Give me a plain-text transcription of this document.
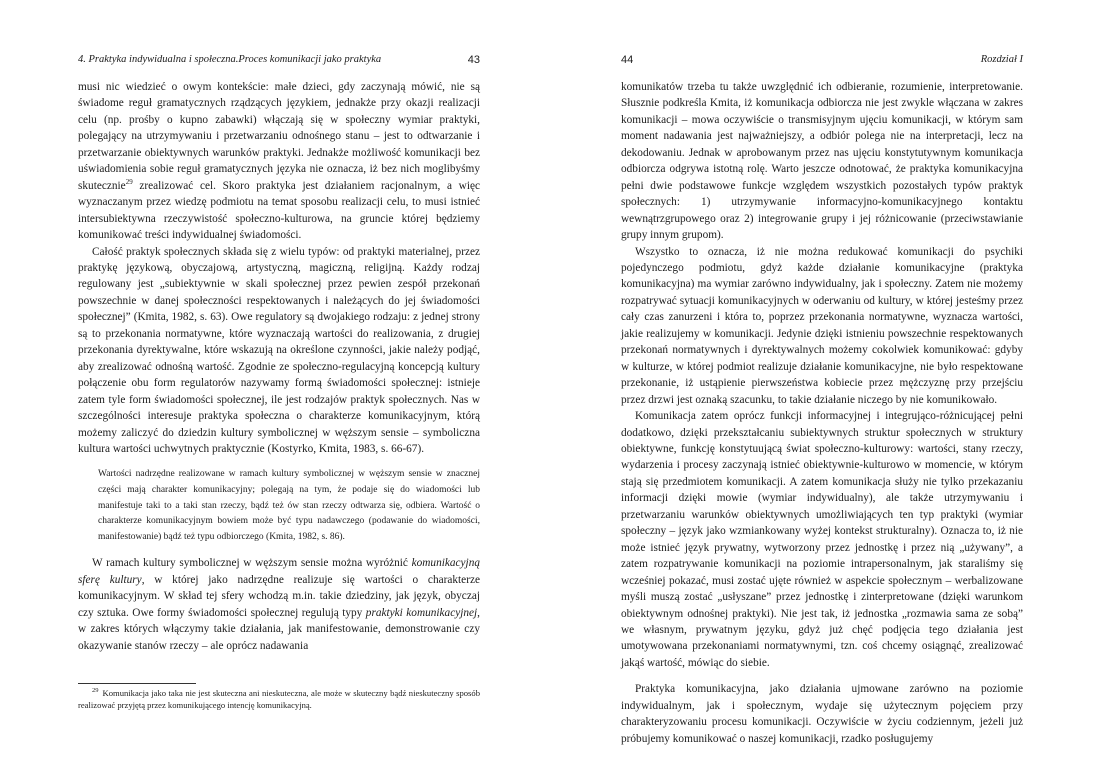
4. Praktyka indywidualna i społeczna.Proces komunikacji jako praktyka	43

musi nic wiedzieć o owym kontekście: małe dzieci, gdy zaczynają mówić, nie są świadome reguł gramatycznych rządzących językiem, jednakże przy okazji realizacji celu (np. prośby o kupno zabawki) włączają się w społeczny wymiar praktyki, polegający na utrzymywaniu i przetwarzaniu odnośnego stanu – jest to odtwarzanie i przetwarzanie obiektywnych warunków praktyki. Jednakże możliwość komunikacji bez uświadomienia sobie reguł gramatycznych języka nie oznacza, iż bez nich moglibyśmy skutecznie$^{29}$ zrealizować cel. Skoro praktyka jest działaniem racjonalnym, a więc wyznaczanym przez wiedzę podmiotu na temat sposobu realizacji celu, to musi istnieć intersubiektywna rzeczywistość społeczno-kulturowa, na gruncie której będziemy komunikować treści indywidualnej świadomości.

Całość praktyk społecznych składa się z wielu typów: od praktyki materialnej, przez praktykę językową, obyczajową, artystyczną, magiczną, religijną. Każdy rodzaj regulowany jest „subiektywnie w skali społecznej przez pewien zespół przekonań powszechnie w danej społeczności respektowanych i należących do jej świadomości społecznej” (Kmita, 1982, s. 63). Owe regulatory są dwojakiego rodzaju: z jednej strony są to przekonania normatywne, które wyznaczają wartości do realizowania, z drugiej przekonania dyrektywalne, które wskazują na określone czynności, jakie należy podjąć, aby zrealizować odnośną wartość. Zgodnie ze społeczno-regulacyjną koncepcją kultury połączenie obu form regulatorów nazywamy formą świadomości społecznej: istnieje zatem tyle form świadomości społecznej, ile jest rodzajów praktyk społecznych. Nas w szczególności interesuje praktyka społeczna o charakterze komunikacyjnym, którą możemy zaliczyć do dziedzin kultury symbolicznej w węższym sensie – symboliczna kultura wartości uchwytnych praktycznie (Kostyrko, Kmita, 1983, s. 66-67).

Wartości nadrzędne realizowane w ramach kultury symbolicznej w węższym sensie w znacznej części mają charakter komunikacyjny; polegają na tym, że podaje się do wiadomości lub manifestuje taki to a taki stan rzeczy, bądź też ów stan rzeczy odtwarza się, odbiera. Wartość o charakterze komunikacyjnym bowiem może być typu nadawczego (podawanie do wiadomości, manifestowanie) bądź też typu odbiorczego (Kmita, 1982, s. 86).

W ramach kultury symbolicznej w węższym sensie można wyróżnić komunikacyjną sferę kultury, w której jako nadrzędne realizuje się wartości o charakterze komunikacyjnym. W skład tej sfery wchodzą m.in. takie dziedziny, jak język, obyczaj czy sztuka. Owe formy świadomości społecznej regulują typy praktyki komunikacyjnej, w zakres których włączymy takie działania, jak manifestowanie, demonstrowanie czy okazywanie stanów rzeczy – ale oprócz nadawania

$^{29}$ Komunikacja jako taka nie jest skuteczna ani nieskuteczna, ale może w skuteczny bądź nieskuteczny sposób realizować przyjętą przez komunikującego intencję komunikacyjną.
44	Rozdział I

komunikatów trzeba tu także uwzględnić ich odbieranie, rozumienie, interpretowanie. Słusznie podkreśla Kmita, iż komunikacja odbiorcza nie jest zwykle włączana w zakres komunikacji – mowa oczywiście o transmisyjnym ujęciu komunikacji, w którym sam moment nadawania jest najważniejszy, a odbiór polega nie na interpretacji, lecz na dekodowaniu. Jednak w aprobowanym przez nas ujęciu konstytutywnym komunikacja odbiorcza odgrywa istotną rolę. Warto jeszcze odnotować, że praktyka komunikacyjna pełni dwie podstawowe funkcje względem wszystkich pozostałych typów praktyk społecznych: 1) utrzymywanie informacyjno-komunikacyjnego kontaktu wewnątrzgrupowego oraz 2) integrowanie grupy i jej różnicowanie (przeciwstawianie grupy innym grupom).

Wszystko to oznacza, iż nie można redukować komunikacji do psychiki pojedynczego podmiotu, gdyż każde działanie komunikacyjne (praktyka komunikacyjna) ma wymiar zarówno indywidualny, jak i społeczny. Zatem nie możemy rozpatrywać sytuacji komunikacyjnych w oderwaniu od kultury, w której jesteśmy przez cały czas zanurzeni i która to, poprzez przekonania normatywne, wyznacza wartości, jakie realizujemy w komunikacji. Jedynie dzięki istnieniu powszechnie respektowanych przekonań normatywnych i dyrektywalnych możemy cokolwiek komunikować: gdyby w kulturze, w której podmiot realizuje działanie komunikacyjne, nie było respektowane przekonanie, iż ustąpienie pierwszeństwa kobiecie przez mężczyznę przy przejściu przez drzwi jest oznaką szacunku, to takie działanie niczego by nie komunikowało.

Komunikacja zatem oprócz funkcji informacyjnej i integrująco-różnicującej pełni dodatkowo, dzięki przekształcaniu subiektywnych struktur społecznych w struktury obiektywne, funkcję konstytuującą świat społeczno-kulturowy: wartości, stany rzeczy, wydarzenia i procesy zaczynają istnieć obiektywnie-kulturowo w momencie, w którym stają się przedmiotem komunikacji. A zatem komunikacja służy nie tylko przekazaniu informacji dzięki mowie (wymiar indywidualny), ale także utrzymywaniu i przetwarzaniu warunków obiektywnych umożliwiających ten typ praktyki (wymiar społeczny – język jako wzmiankowany wyżej kontekst strukturalny). Oznacza to, iż nie może istnieć język prywatny, wytworzony przez jednostkę i przez nią „używany”, a zatem rozpatrywanie komunikacji na poziomie intrapersonalnym, jak staraliśmy się wcześniej pokazać, musi zostać ujęte również w aspekcie społecznym – werbalizowane myśli muszą zostać „usłyszane” przez jednostkę i zinterpretowane (dzięki warunkom obiektywnym odnośnej praktyki). Nie jest tak, iż jednostka „rozmawia sama ze sobą” we własnym, prywatnym języku, gdyż już chęć podjęcia tego działania jest umotywowana przekonaniami normatywnymi, tzn. coś chcemy osiągnąć, zrealizować jakąś wartość, mówiąc do siebie.

Praktyka komunikacyjna, jako działania ujmowane zarówno na poziomie indywidualnym, jak i społecznym, wydaje się użytecznym pojęciem przy charakteryzowaniu procesu komunikacji. Oczywiście w życiu codziennym, jeżeli już próbujemy komunikować o naszej komunikacji, rzadko posługujemy
